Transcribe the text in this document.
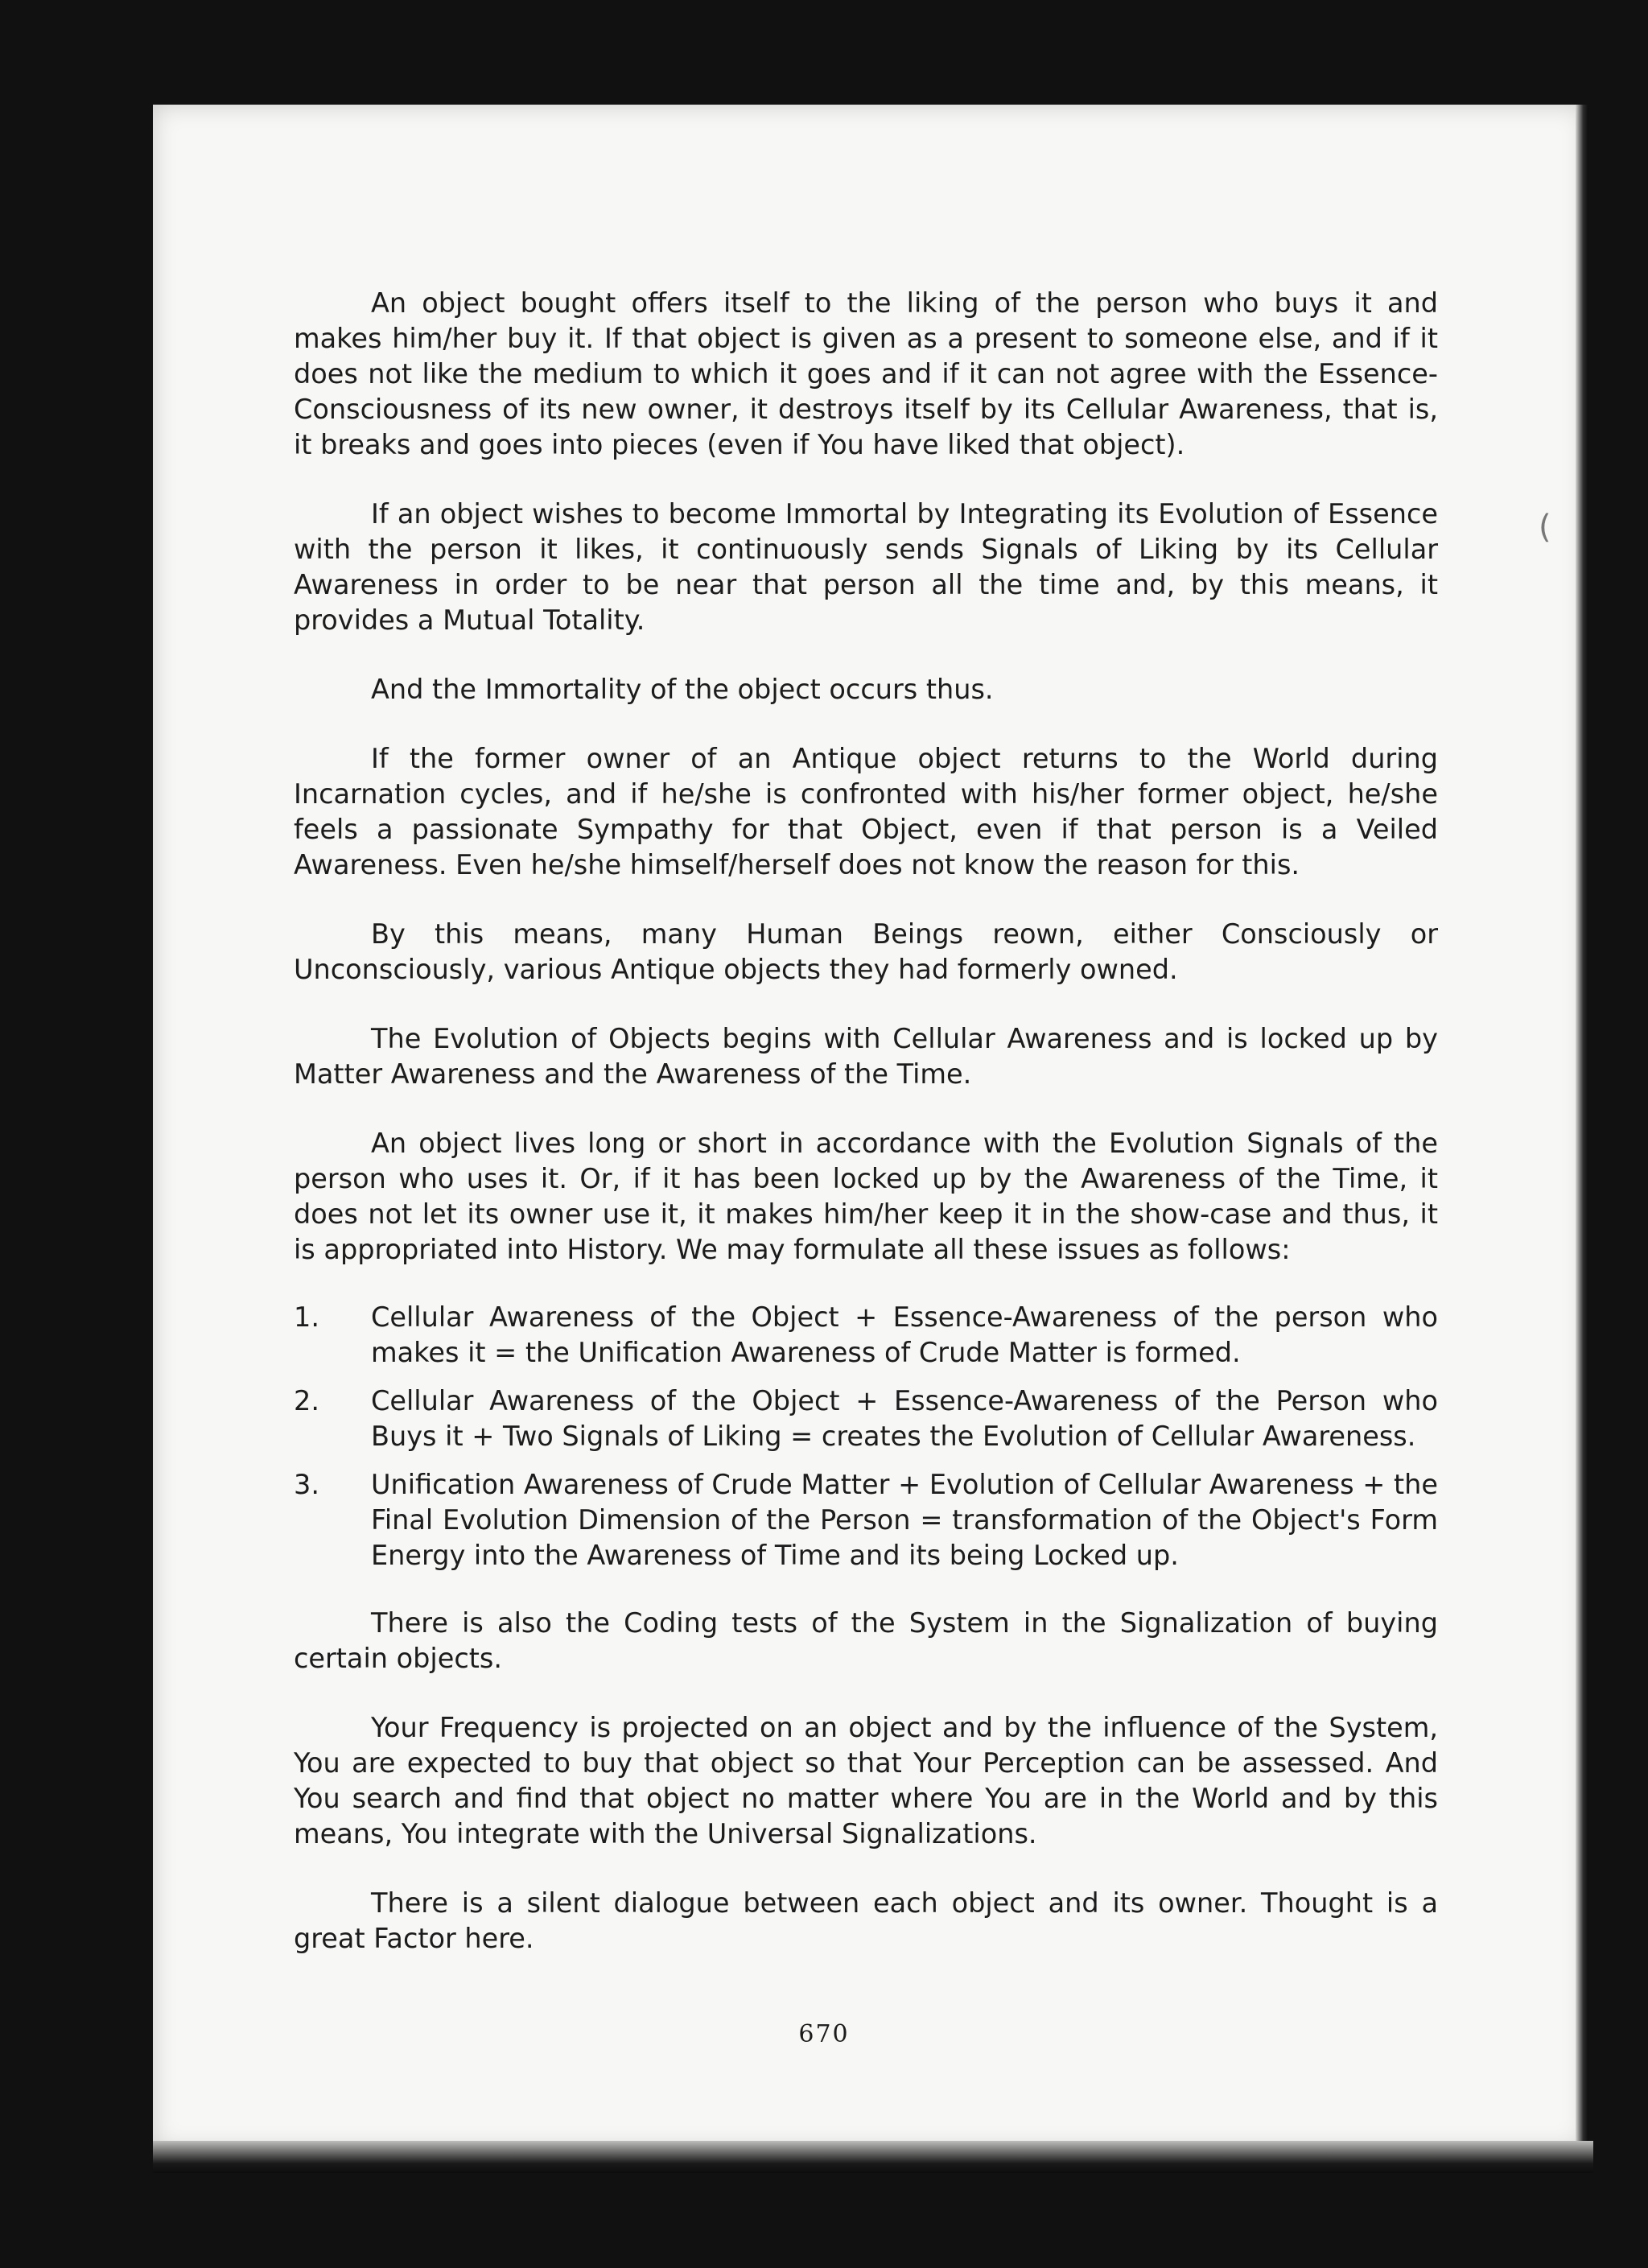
(

An object bought offers itself to the liking of the person who buys it and makes him/her buy it. If that object is given as a present to someone else, and if it does not like the medium to which it goes and if it can not agree with the Essence-Consciousness of its new owner, it destroys itself by its Cellular Awareness, that is, it breaks and goes into pieces (even if You have liked that object).

If an object wishes to become Immortal by Integrating its Evolution of Essence with the person it likes, it continuously sends Signals of Liking by its Cellular Awareness in order to be near that person all the time and, by this means, it provides a Mutual Totality.

And the Immortality of the object occurs thus.

If the former owner of an Antique object returns to the World during Incarnation cycles, and if he/she is confronted with his/her former object, he/she feels a passionate Sympathy for that Object, even if that person is a Veiled Awareness. Even he/she himself/herself does not know the reason for this.

By this means, many Human Beings reown, either Consciously or Unconsciously, various Antique objects they had formerly owned.

The Evolution of Objects begins with Cellular Awareness and is locked up by Matter Awareness and the Awareness of the Time.

An object lives long or short in accordance with the Evolution Signals of the person who uses it. Or, if it has been locked up by the Awareness of the Time, it does not let its owner use it, it makes him/her keep it in the show-case and thus, it is appropriated into History. We may formulate all these issues as follows:

1. Cellular Awareness of the Object + Essence-Awareness of the person who makes it = the Unification Awareness of Crude Matter is formed.
2. Cellular Awareness of the Object + Essence-Awareness of the Person who Buys it + Two Signals of Liking = creates the Evolution of Cellular Awareness.
3. Unification Awareness of Crude Matter + Evolution of Cellular Awareness + the Final Evolution Dimension of the Person = transformation of the Object's Form Energy into the Awareness of Time and its being Locked up.

There is also the Coding tests of the System in the Signalization of buying certain objects.

Your Frequency is projected on an object and by the influence of the System, You are expected to buy that object so that Your Perception can be assessed. And You search and find that object no matter where You are in the World and by this means, You integrate with the Universal Signalizations.

There is a silent dialogue between each object and its owner. Thought is a great Factor here.

670
